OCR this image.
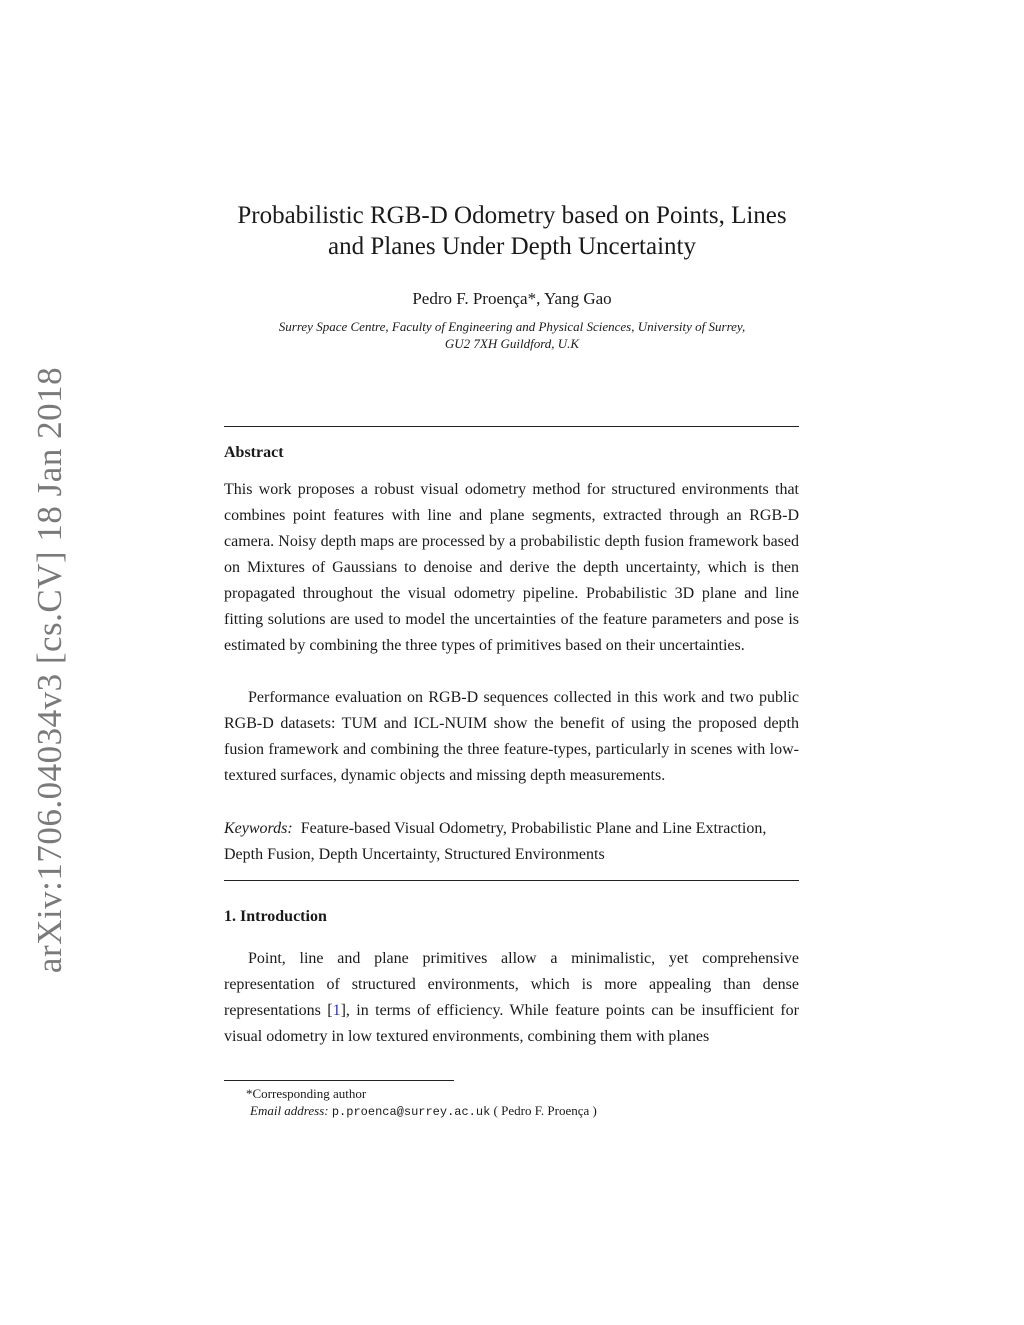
arXiv:1706.04034v3 [cs.CV] 18 Jan 2018
Probabilistic RGB-D Odometry based on Points, Lines
and Planes Under Depth Uncertainty
Pedro F. Proença*, Yang Gao
Surrey Space Centre, Faculty of Engineering and Physical Sciences, University of Surrey,
GU2 7XH Guildford, U.K
Abstract
This work proposes a robust visual odometry method for structured environments that combines point features with line and plane segments, extracted through an RGB-D camera. Noisy depth maps are processed by a probabilistic depth fusion framework based on Mixtures of Gaussians to denoise and derive the depth uncertainty, which is then propagated throughout the visual odometry pipeline. Probabilistic 3D plane and line fitting solutions are used to model the uncertainties of the feature parameters and pose is estimated by combining the three types of primitives based on their uncertainties.
Performance evaluation on RGB-D sequences collected in this work and two public RGB-D datasets: TUM and ICL-NUIM show the benefit of using the proposed depth fusion framework and combining the three feature-types, particularly in scenes with low-textured surfaces, dynamic objects and missing depth measurements.
Keywords: Feature-based Visual Odometry, Probabilistic Plane and Line Extraction, Depth Fusion, Depth Uncertainty, Structured Environments
1. Introduction
Point, line and plane primitives allow a minimalistic, yet comprehensive representation of structured environments, which is more appealing than dense representations [1], in terms of efficiency. While feature points can be insufficient for visual odometry in low textured environments, combining them with planes
*Corresponding author
Email address: p.proenca@surrey.ac.uk ( Pedro F. Proença )
